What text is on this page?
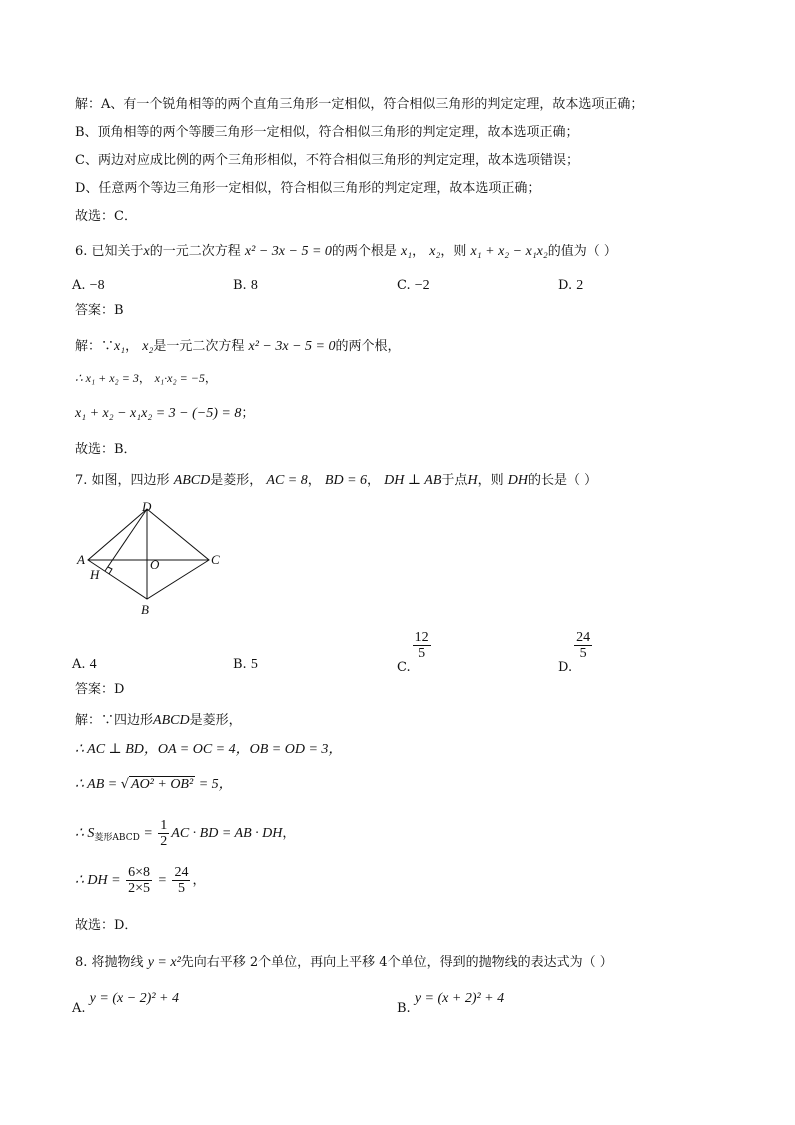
解：A、有一个锐角相等的两个直角三角形一定相似，符合相似三角形的判定定理，故本选项正确；
B、顶角相等的两个等腰三角形一定相似，符合相似三角形的判定定理，故本选项正确；
C、两边对应成比例的两个三角形相似，不符合相似三角形的判定定理，故本选项错误；
D、任意两个等边三角形一定相似，符合相似三角形的判定定理，故本选项正确；
故选：C．
6. 已知关于x的一元二次方程 x² − 3x − 5 = 0的两个根是 x₁， x₂，则 x₁ + x₂ − x₁x₂的值为（ ）
A. −8	B. 8	C. −2	D. 2
答案：B
解：∵x₁， x₂是一元二次方程 x² − 3x − 5 = 0的两个根，
∴ x₁ + x₂ = 3， x₁·x₂ = −5，
x₁ + x₂ − x₁x₂ = 3 − (−5) = 8；
故选：B．
7. 如图，四边形 ABCD是菱形， AC = 8， BD = 6， DH ⊥ AB于点H，则 DH的长是（ ）
D
A	C
O
H
B
A. 4	B. 5	C.
$\frac{12}{5}$
D.
$\frac{24}{5}$
答案：D
解：∵四边形ABCD是菱形，
∴ AC ⊥ BD，OA = OC = 4，OB = OD = 3，
∴ AB = √ AO² + OB² = 5，
∴ $S_{菱形ABCD} = \frac{1}{2}$ AC · BD = AB · DH，
∴ DH = $\frac{6\times 8}{2\times 5} = \frac{24}{5}$ ，
故选：D．
8. 将抛物线 y = x²先向右平移 2个单位，再向上平移 4个单位，得到的抛物线的表达式为（ ）
A. y = (x − 2)² + 4
B. y = (x + 2)² + 4
